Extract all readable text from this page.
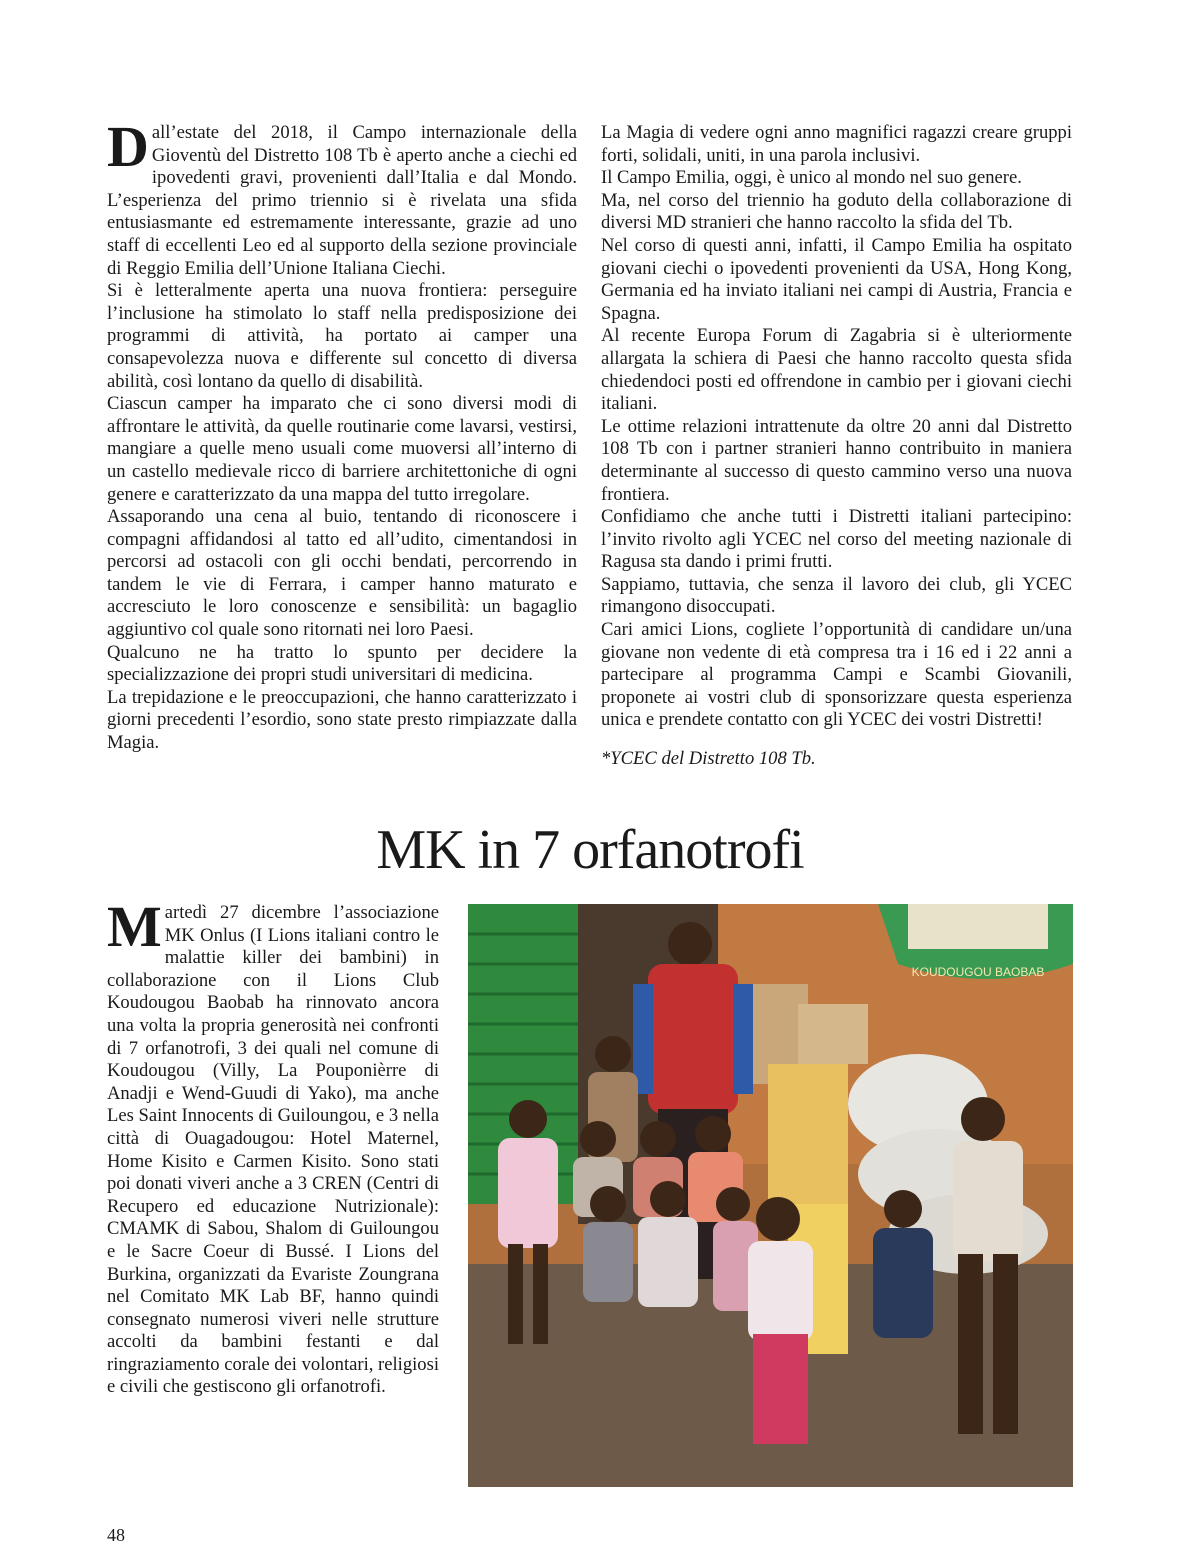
Dall’estate del 2018, il Campo internazionale della Gioventù del Distretto 108 Tb è aperto anche a ciechi ed ipovedenti gravi, provenienti dall’Italia e dal Mondo. L’esperienza del primo triennio si è rivelata una sfida entusiasmante ed estremamente interessante, grazie ad uno staff di eccellenti Leo ed al supporto della sezione provinciale di Reggio Emilia dell’Unione Italiana Ciechi.

Si è letteralmente aperta una nuova frontiera: perseguire l’inclusione ha stimolato lo staff nella predisposizione dei programmi di attività, ha portato ai camper una consapevolezza nuova e differente sul concetto di diversa abilità, così lontano da quello di disabilità.

Ciascun camper ha imparato che ci sono diversi modi di affrontare le attività, da quelle routinarie come lavarsi, vestirsi, mangiare a quelle meno usuali come muoversi all’interno di un castello medievale ricco di barriere architettoniche di ogni genere e caratterizzato da una mappa del tutto irregolare.

Assaporando una cena al buio, tentando di riconoscere i compagni affidandosi al tatto ed all’udito, cimentandosi in percorsi ad ostacoli con gli occhi bendati, percorrendo in tandem le vie di Ferrara, i camper hanno maturato e accresciuto le loro conoscenze e sensibilità: un bagaglio aggiuntivo col quale sono ritornati nei loro Paesi.

Qualcuno ne ha tratto lo spunto per decidere la specializzazione dei propri studi universitari di medicina.

La trepidazione e le preoccupazioni, che hanno caratterizzato i giorni precedenti l’esordio, sono state presto rimpiazzate dalla Magia.

La Magia di vedere ogni anno magnifici ragazzi creare gruppi forti, solidali, uniti, in una parola inclusivi.

Il Campo Emilia, oggi, è unico al mondo nel suo genere.

Ma, nel corso del triennio ha goduto della collaborazione di diversi MD stranieri che hanno raccolto la sfida del Tb.

Nel corso di questi anni, infatti, il Campo Emilia ha ospitato giovani ciechi o ipovedenti provenienti da USA, Hong Kong, Germania ed ha inviato italiani nei campi di Austria, Francia e Spagna.

Al recente Europa Forum di Zagabria si è ulteriormente allargata la schiera di Paesi che hanno raccolto questa sfida chiedendoci posti ed offrendone in cambio per i giovani ciechi italiani.

Le ottime relazioni intrattenute da oltre 20 anni dal Distretto 108 Tb con i partner stranieri hanno contribuito in maniera determinante al successo di questo cammino verso una nuova frontiera.

Confidiamo che anche tutti i Distretti italiani partecipino: l’invito rivolto agli YCEC nel corso del meeting nazionale di Ragusa sta dando i primi frutti.

Sappiamo, tuttavia, che senza il lavoro dei club, gli YCEC rimangono disoccupati.

Cari amici Lions, cogliete l’opportunità di candidare un/una giovane non vedente di età compresa tra i 16 ed i 22 anni a partecipare al programma Campi e Scambi Giovanili, proponete ai vostri club di sponsorizzare questa esperienza unica e prendete contatto con gli YCEC dei vostri Distretti!

*YCEC del Distretto 108 Tb.

MK in 7 orfanotrofi

Martedì 27 dicembre l’associazione MK Onlus (I Lions italiani contro le malattie killer dei bambini) in collaborazione con il Lions Club Koudougou Baobab ha rinnovato ancora una volta la propria generosità nei confronti di 7 orfanotrofi, 3 dei quali nel comune di Koudougou (Villy, La Pouponièrre di Anadji e Wend-Guudi di Yako), ma anche Les Saint Innocents di Guiloungou, e 3 nella città di Ouagadougou: Hotel Maternel, Home Kisito e Carmen Kisito. Sono stati poi donati viveri anche a 3 CREN (Centri di Recupero ed educazione Nutrizionale): CMAMK di Sabou, Shalom di Guiloungou e le Sacre Coeur di Bussé. I Lions del Burkina, organizzati da Evariste Zoungrana nel Comitato MK Lab BF, hanno quindi consegnato numerosi viveri nelle strutture accolti da bambini festanti e dal ringraziamento corale dei volontari, religiosi e civili che gestiscono gli orfanotrofi.

KOUDOUGOU BAOBAB
48
